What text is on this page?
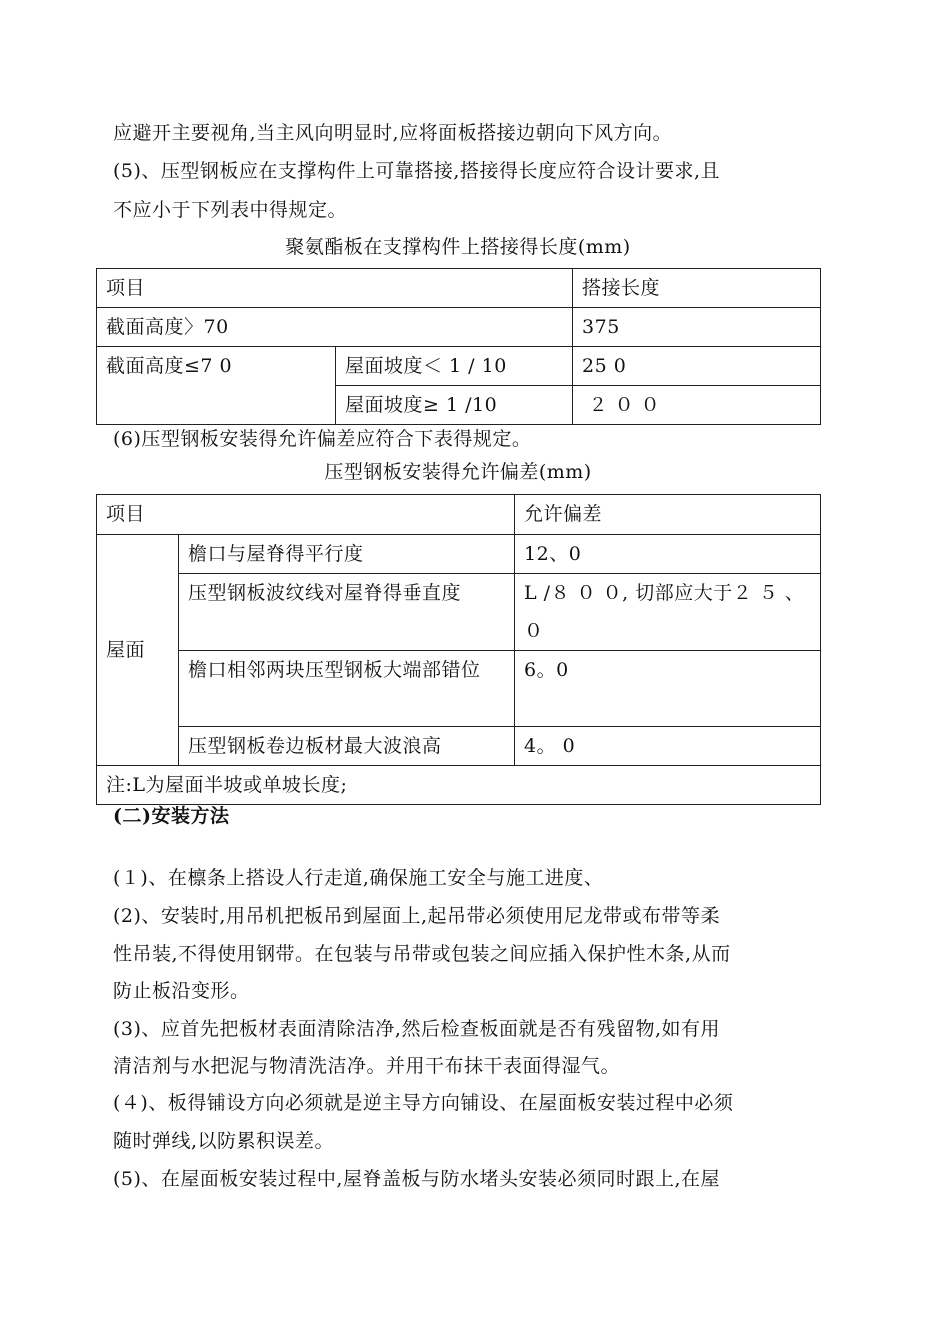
应避开主要视角,当主风向明显时,应将面板搭接边朝向下风方向。
(5)、压型钢板应在支撑构件上可靠搭接,搭接得长度应符合设计要求,且
不应小于下列表中得规定。
聚氨酯板在支撑构件上搭接得长度(mm)
项目		搭接长度
截面高度〉70		375
截面高度≤7 0	屋面坡度＜ 1 / 10	25 0
	屋面坡度≥ 1 /10	２ ０ ０
(6)压型钢板安装得允许偏差应符合下表得规定。
压型钢板安装得允许偏差(mm)
项目		允许偏差
屋面	檐口与屋脊得平行度	12、0
	压型钢板波纹线对屋脊得垂直度	L /８ ０ ０, 切部应大于２ ５ 、０
	檐口相邻两块压型钢板大端部错位	6。0
	压型钢板卷边板材最大波浪高	4。 0
注:L为屋面半坡或单坡长度;		
(二)安装方法
(１)、在檩条上搭设人行走道,确保施工安全与施工进度、
(2)、安装时,用吊机把板吊到屋面上,起吊带必须使用尼龙带或布带等柔
性吊装,不得使用钢带。在包装与吊带或包装之间应插入保护性木条,从而
防止板沿变形。
(3)、应首先把板材表面清除洁净,然后检查板面就是否有残留物,如有用
清洁剂与水把泥与物清洗洁净。并用干布抹干表面得湿气。
(４)、板得铺设方向必须就是逆主导方向铺设、在屋面板安装过程中必须
随时弹线,以防累积误差。
(5)、在屋面板安装过程中,屋脊盖板与防水堵头安装必须同时跟上,在屋
